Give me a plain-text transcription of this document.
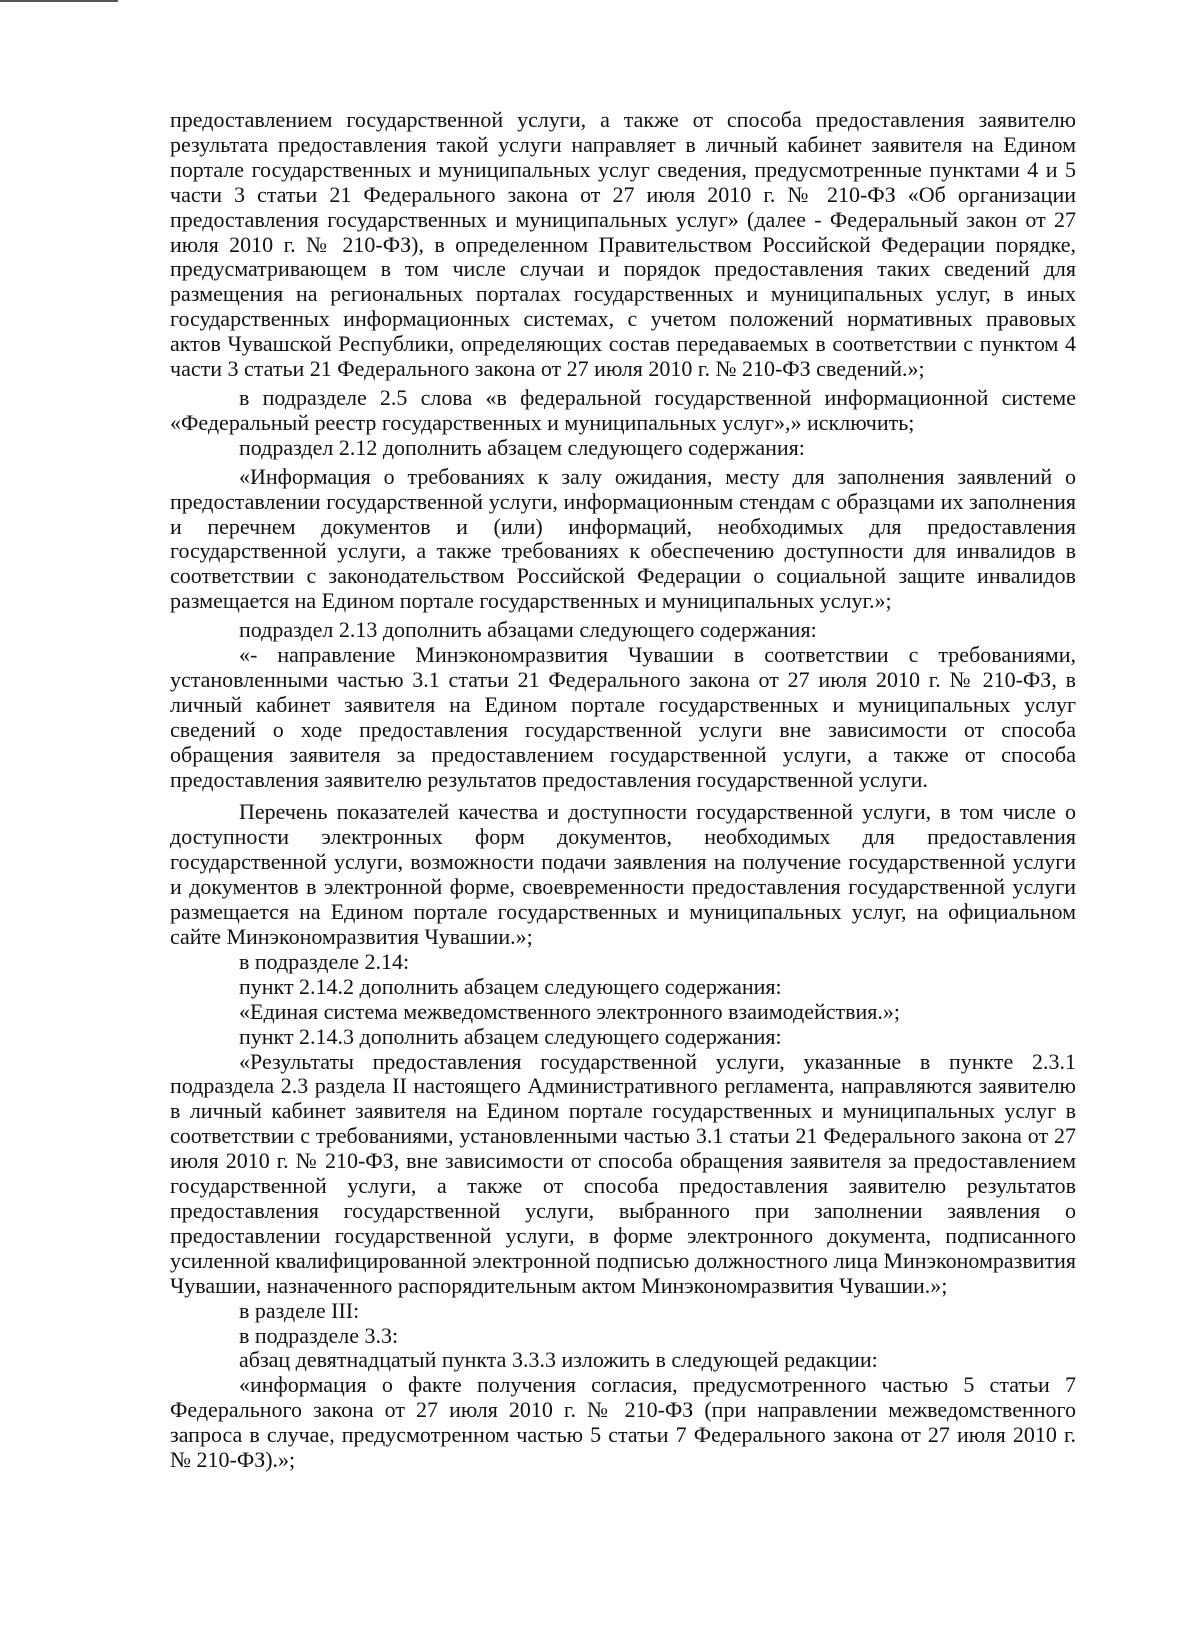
предоставлением государственной услуги, а также от способа предоставления заявителю результата предоставления такой услуги направляет в личный кабинет заявителя на Едином портале государственных и муниципальных услуг сведения, предусмотренные пунктами 4 и 5 части 3 статьи 21 Федерального закона от 27 июля 2010 г. № 210-ФЗ «Об организации предоставления государственных и муниципальных услуг» (далее - Федеральный закон от 27 июля 2010 г. № 210-ФЗ), в определенном Правительством Российской Федерации порядке, предусматривающем в том числе случаи и порядок предоставления таких сведений для размещения на региональных порталах государственных и муниципальных услуг, в иных государственных информационных системах, с учетом положений нормативных правовых актов Чувашской Республики, определяющих состав передаваемых в соответствии с пунктом 4 части 3 статьи 21 Федерального закона от 27 июля 2010 г. № 210-ФЗ сведений.»;

в подразделе 2.5 слова «в федеральной государственной информационной системе «Федеральный реестр государственных и муниципальных услуг»,» исключить;

подраздел 2.12 дополнить абзацем следующего содержания:

«Информация о требованиях к залу ожидания, месту для заполнения заявлений о предоставлении государственной услуги, информационным стендам с образцами их заполнения и перечнем документов и (или) информаций, необходимых для предоставления государственной услуги, а также требованиях к обеспечению доступности для инвалидов в соответствии с законодательством Российской Федерации о социальной защите инвалидов размещается на Едином портале государственных и муниципальных услуг.»;

подраздел 2.13 дополнить абзацами следующего содержания:

«- направление Минэкономразвития Чувашии в соответствии с требованиями, установленными частью 3.1 статьи 21 Федерального закона от 27 июля 2010 г. № 210-ФЗ, в личный кабинет заявителя на Едином портале государственных и муниципальных услуг сведений о ходе предоставления государственной услуги вне зависимости от способа обращения заявителя за предоставлением государственной услуги, а также от способа предоставления заявителю результатов предоставления государственной услуги.

Перечень показателей качества и доступности государственной услуги, в том числе о доступности электронных форм документов, необходимых для предоставления государственной услуги, возможности подачи заявления на получение государственной услуги и документов в электронной форме, своевременности предоставления государственной услуги размещается на Едином портале государственных и муниципальных услуг, на официальном сайте Минэкономразвития Чувашии.»;

в подразделе 2.14:

пункт 2.14.2 дополнить абзацем следующего содержания:

«Единая система межведомственного электронного взаимодействия.»;

пункт 2.14.3 дополнить абзацем следующего содержания:

«Результаты предоставления государственной услуги, указанные в пункте 2.3.1 подраздела 2.3 раздела II настоящего Административного регламента, направляются заявителю в личный кабинет заявителя на Едином портале государственных и муниципальных услуг в соответствии с требованиями, установленными частью 3.1 статьи 21 Федерального закона от 27 июля 2010 г. № 210-ФЗ, вне зависимости от способа обращения заявителя за предоставлением государственной услуги, а также от способа предоставления заявителю результатов предоставления государственной услуги, выбранного при заполнении заявления о предоставлении государственной услуги, в форме электронного документа, подписанного усиленной квалифицированной электронной подписью должностного лица Минэкономразвития Чувашии, назначенного распорядительным актом Минэкономразвития Чувашии.»;

в разделе III:

в подразделе 3.3:

абзац девятнадцатый пункта 3.3.3 изложить в следующей редакции:

«информация о факте получения согласия, предусмотренного частью 5 статьи 7 Федерального закона от 27 июля 2010 г. № 210-ФЗ (при направлении межведомственного запроса в случае, предусмотренном частью 5 статьи 7 Федерального закона от 27 июля 2010 г. № 210-ФЗ).»;
